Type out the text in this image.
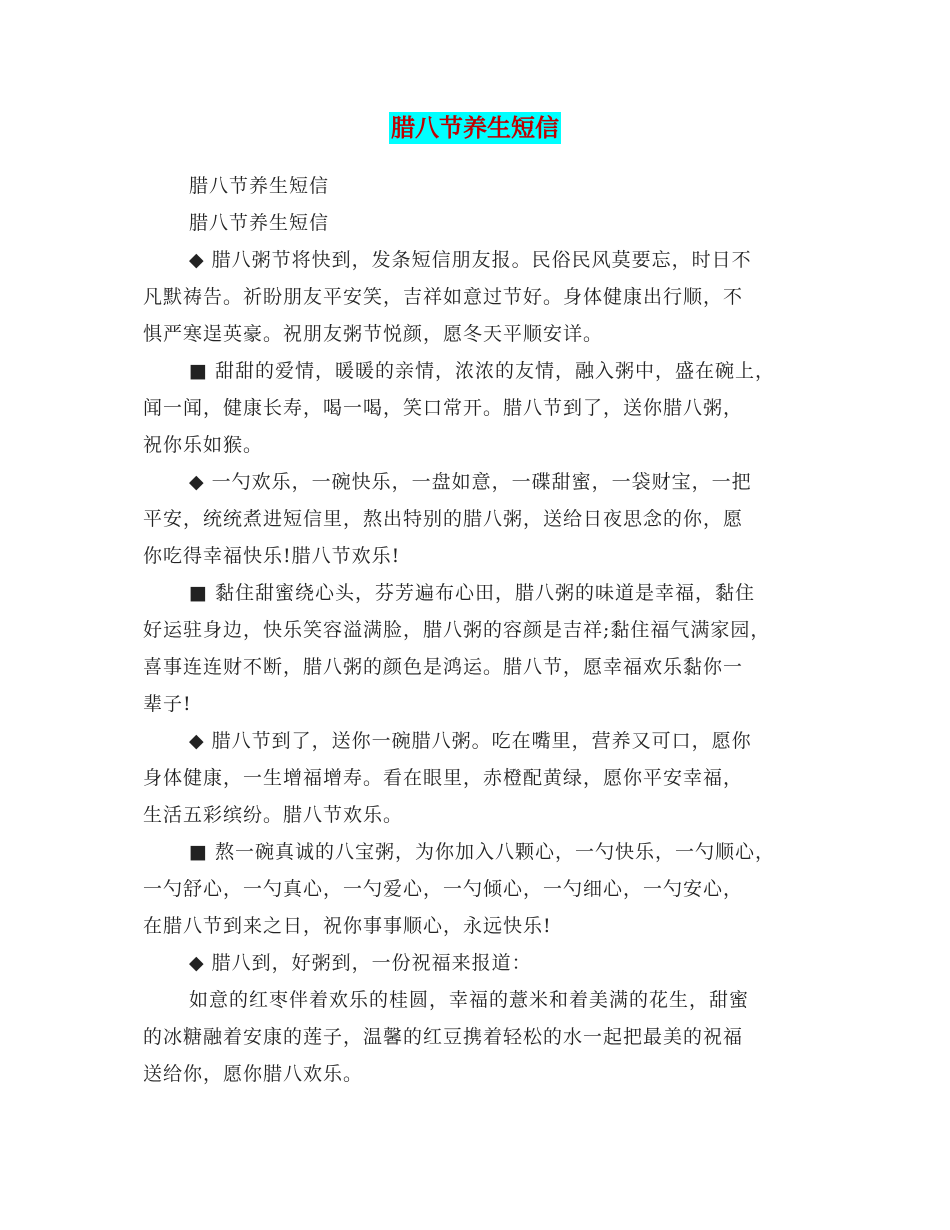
腊八节养生短信
腊八节养生短信
腊八节养生短信
◆ 腊八粥节将快到，发条短信朋友报。民俗民风莫要忘，时日不
凡默祷告。祈盼朋友平安笑，吉祥如意过节好。身体健康出行顺，不
惧严寒逞英豪。祝朋友粥节悦颜，愿冬天平顺安详。
■ 甜甜的爱情，暖暖的亲情，浓浓的友情，融入粥中，盛在碗上，
闻一闻，健康长寿，喝一喝，笑口常开。腊八节到了，送你腊八粥，
祝你乐如猴。
◆ 一勺欢乐，一碗快乐，一盘如意，一碟甜蜜，一袋财宝，一把
平安，统统煮进短信里，熬出特别的腊八粥，送给日夜思念的你，愿
你吃得幸福快乐!腊八节欢乐!
■ 黏住甜蜜绕心头，芬芳遍布心田，腊八粥的味道是幸福，黏住
好运驻身边，快乐笑容溢满脸，腊八粥的容颜是吉祥;黏住福气满家园，
喜事连连财不断，腊八粥的颜色是鸿运。腊八节，愿幸福欢乐黏你一
辈子!
◆ 腊八节到了，送你一碗腊八粥。吃在嘴里，营养又可口，愿你
身体健康，一生增福增寿。看在眼里，赤橙配黄绿，愿你平安幸福，
生活五彩缤纷。腊八节欢乐。
■ 熬一碗真诚的八宝粥，为你加入八颗心，一勺快乐，一勺顺心，
一勺舒心，一勺真心，一勺爱心，一勺倾心，一勺细心，一勺安心，
在腊八节到来之日，祝你事事顺心，永远快乐!
◆ 腊八到，好粥到，一份祝福来报道：
如意的红枣伴着欢乐的桂圆，幸福的薏米和着美满的花生，甜蜜
的冰糖融着安康的莲子，温馨的红豆携着轻松的水一起把最美的祝福
送给你，愿你腊八欢乐。
